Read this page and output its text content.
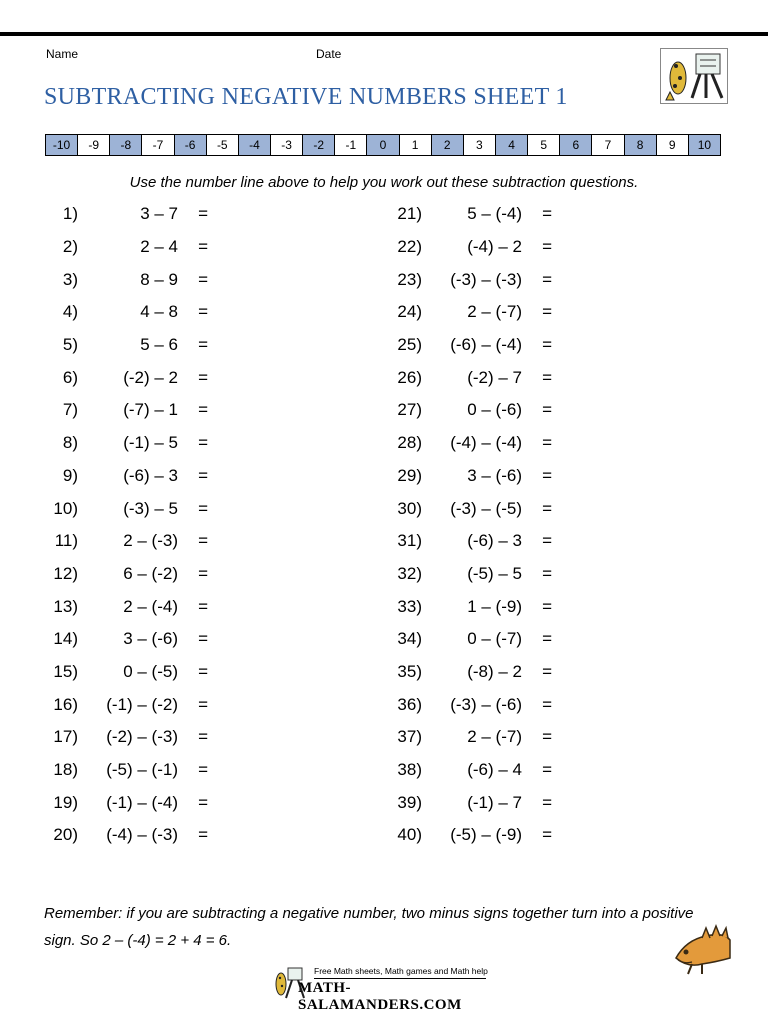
Name	Date
SUBTRACTING NEGATIVE NUMBERS SHEET 1
-10	-9	-8	-7	-6	-5	-4	-3	-2	-1	0	1	2	3	4	5	6	7	8	9	10
Use the number line above to help you work out these subtraction questions.
1)	3 – 7	=
2)	2 – 4	=
3)	8 – 9	=
4)	4 – 8	=
5)	5 – 6	=
6)	(-2) – 2	=
7)	(-7) – 1	=
8)	(-1) – 5	=
9)	(-6) – 3	=
10)	(-3) – 5	=
11)	2 – (-3)	=
12)	6 – (-2)	=
13)	2 – (-4)	=
14)	3 – (-6)	=
15)	0 – (-5)	=
16)	(-1) – (-2)	=
17)	(-2) – (-3)	=
18)	(-5) – (-1)	=
19)	(-1) – (-4)	=
20)	(-4) – (-3)	=
21)	5 – (-4)	=
22)	(-4) – 2	=
23)	(-3) – (-3)	=
24)	2 – (-7)	=
25)	(-6) – (-4)	=
26)	(-2) – 7	=
27)	0 – (-6)	=
28)	(-4) – (-4)	=
29)	3 – (-6)	=
30)	(-3) – (-5)	=
31)	(-6) – 3	=
32)	(-5) – 5	=
33)	1 – (-9)	=
34)	0 – (-7)	=
35)	(-8) – 2	=
36)	(-3) – (-6)	=
37)	2 – (-7)	=
38)	(-6) – 4	=
39)	(-1) – 7	=
40)	(-5) – (-9)	=
Remember: if you are subtracting a negative number, two minus signs together turn into a positive sign. So 2 – (-4) = 2 + 4 = 6.
Free Math sheets, Math games and Math help
MATH-SALAMANDERS.COM
